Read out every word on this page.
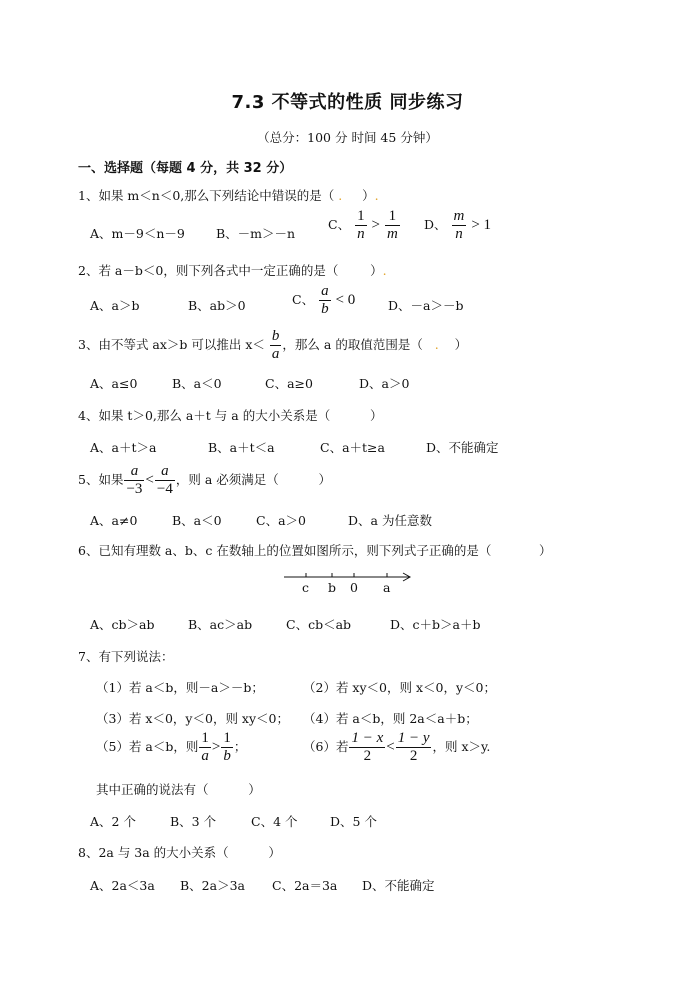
7.3 不等式的性质 同步练习
（总分：100 分 时间 45 分钟）
一、选择题（每题 4 分，共 32 分）
1、如果 m＜n＜0,那么下列结论中错误的是（ .     ）.
A、m－9＜n－9 B、－m＞－n
C、 $\frac{1}{n} > \frac{1}{m}$ D、 $\frac{m}{n} > 1$
2、若 a－b＜0，则下列各式中一定正确的是（	）.
A、a＞b	B、ab＞0	C、 $\frac{a}{b} < 0$	D、－a＞－b
3、由不等式 ax＞b 可以推出 $x< \frac{b}{a}$ ，那么 a 的取值范围是（   .    ）
A、a≤0	B、a＜0	C、a≥0	D、a＞0
4、如果 t＞0,那么 a＋t 与 a 的大小关系是（	）
A、a＋t＞a	B、a＋t＜a	C、a＋t≥a	D、不能确定
5、如果 $\frac{a}{-3} < \frac{a}{-4}$ ，则 a 必须满足（	）
A、a≠0	B、a＜0	C、a＞0	D、a 为任意数
6、已知有理数 a、b、c 在数轴上的位置如图所示，则下列式子正确的是（	）
c b 0 a
A、cb＞ab	B、ac＞ab	C、cb＜ab	D、c＋b＞a＋b
7、有下列说法：
（1）若 a＜b，则－a＞－b；	（2）若 xy＜0，则 x＜0，y＜0；
（3）若 x＜0，y＜0，则 xy＜0； （4）若 a＜b，则 2a＜a＋b；
（5）若 a＜b，则 $\frac{1}{a} > \frac{1}{b}$ ；	（6）若 $\frac{1 - x}{2} < \frac{1 - y}{2}$ ，则 x＞y.
其中正确的说法有（	）
A、2 个	B、3 个	C、4 个	D、5 个
8、2a 与 3a 的大小关系（	）
A、2a＜3a B、2a＞3a C、2a＝3a D、不能确定
